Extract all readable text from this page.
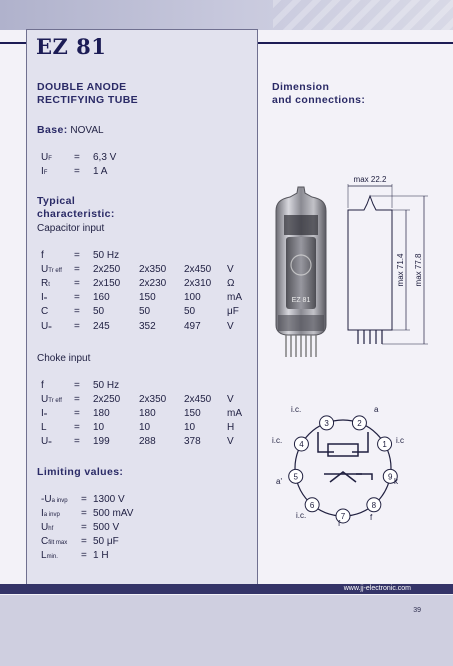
EZ 81
DOUBLE ANODE
RECTIFYING TUBE
Base: NOVAL
UF	=	6,3 V
IF	=	1 A
Typical
characteristic:
Capacitor input
f	=	50 Hz			
UTr eff	=	2x250	2x350	2x450	V
Rt	=	2x150	2x230	2x310	Ω
I=	=	160	150	100	mA
C	=	50	50	50	μF
U=	=	245	352	497	V
Choke input
f	=	50 Hz			
UTr eff	=	2x250	2x350	2x450	V
I=	=	180	180	150	mA
L	=	10	10	10	H
U=	=	199	288	378	V
Limiting values:
-Ua invp	=	1300 V
Ia invp	=	500 mAV
Uhf	=	500 V
Cfilt max	=	50 μF
Lmin.	=	1 H
Dimension
and connections:
EZ 81
max 22.2
max 71.4 max 77.8
1
2
3
4
5
6
7
8
9
i.c.	a
i.c.	i.c
a'	k
i.c.
f
f
www.jj-electronic.com
39
